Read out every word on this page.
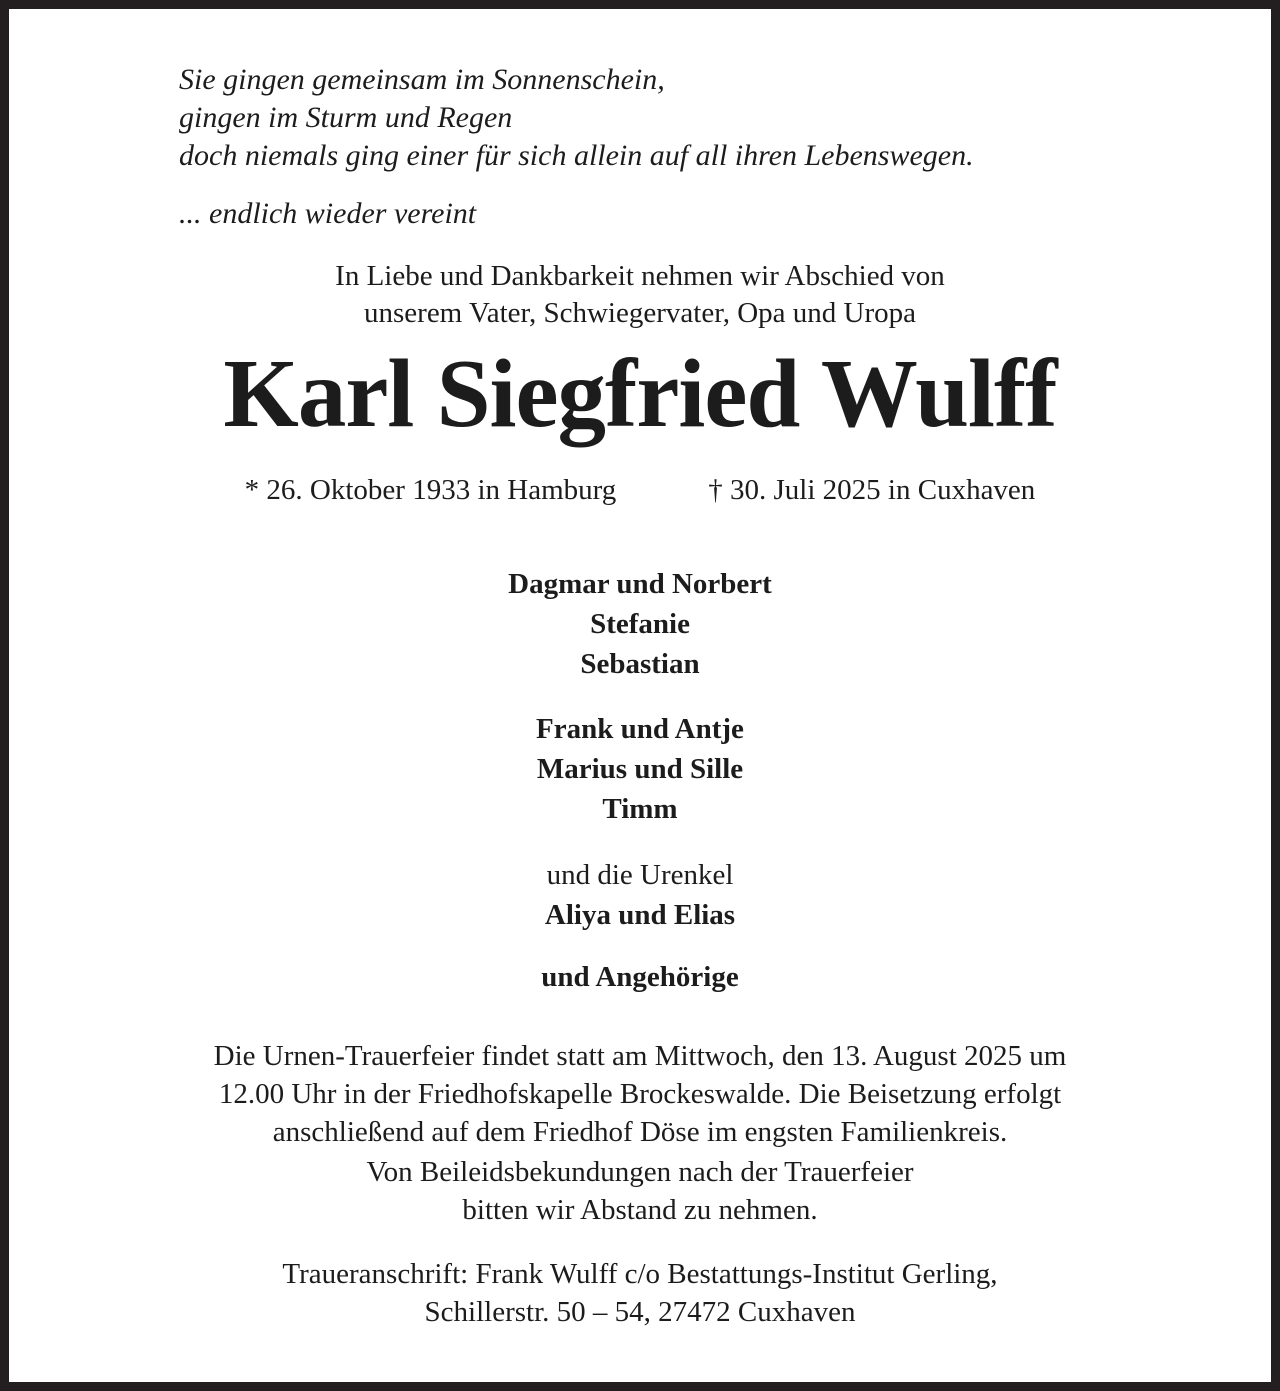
Sie gingen gemeinsam im Sonnenschein,
gingen im Sturm und Regen
doch niemals ging einer für sich allein auf all ihren Lebenswegen.
... endlich wieder vereint
In Liebe und Dankbarkeit nehmen wir Abschied von
unserem Vater, Schwiegervater, Opa und Uropa
Karl Siegfried Wulff
* 26. Oktober 1933 in Hamburg	† 30. Juli 2025 in Cuxhaven
Dagmar und Norbert
Stefanie
Sebastian
Frank und Antje
Marius und Sille
Timm
und die Urenkel
Aliya und Elias
und Angehörige
Die Urnen-Trauerfeier findet statt am Mittwoch, den 13. August 2025 um
12.00 Uhr in der Friedhofskapelle Brockeswalde. Die Beisetzung erfolgt
anschließend auf dem Friedhof Döse im engsten Familienkreis.
Von Beileidsbekundungen nach der Trauerfeier
bitten wir Abstand zu nehmen.
Traueranschrift: Frank Wulff c/o Bestattungs-Institut Gerling,
Schillerstr. 50 – 54, 27472 Cuxhaven
